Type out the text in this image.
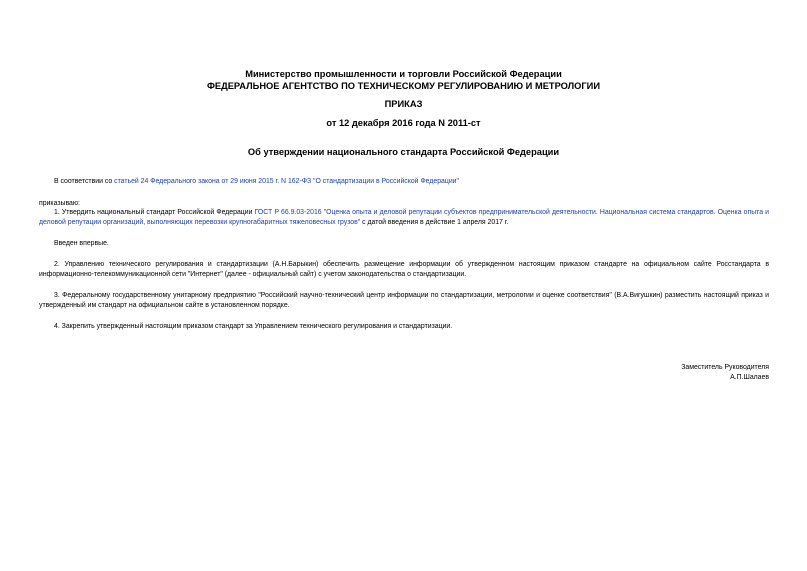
Министерство промышленности и торговли Российской Федерации
ФЕДЕРАЛЬНОЕ АГЕНТСТВО ПО ТЕХНИЧЕСКОМУ РЕГУЛИРОВАНИЮ И МЕТРОЛОГИИ
ПРИКАЗ
от 12 декабря 2016 года N 2011-ст
Об утверждении национального стандарта Российской Федерации
В соответствии со статьей 24 Федерального закона от 29 июня 2015 г. N 162-ФЗ "О стандартизации в Российской Федерации"
приказываю:
1. Утвердить национальный стандарт Российской Федерации ГОСТ Р 66.9.03-2016 "Оценка опыта и деловой репутации субъектов предпринимательской деятельности. Национальная система стандартов. Оценка опыта и деловой репутации организаций, выполняющих перевозки крупногабаритных тяжеловесных грузов" с датой введения в действие 1 апреля 2017 г.
Введен впервые.
2. Управлению технического регулирования и стандартизации (А.Н.Барыкин) обеспечить размещение информации об утвержденном настоящим приказом стандарте на официальном сайте Росстандарта в информационно-телекоммуникационной сети "Интернет" (далее - официальный сайт) с учетом законодательства о стандартизации.
3. Федеральному государственному унитарному предприятию "Российский научно-технический центр информации по стандартизации, метрологии и оценке соответствия" (В.А.Вигушкин) разместить настоящий приказ и утвержденный им стандарт на официальном сайте в установленном порядке.
4. Закрепить утвержденный настоящим приказом стандарт за Управлением технического регулирования и стандартизации.
Заместитель Руководителя
А.П.Шалаев
